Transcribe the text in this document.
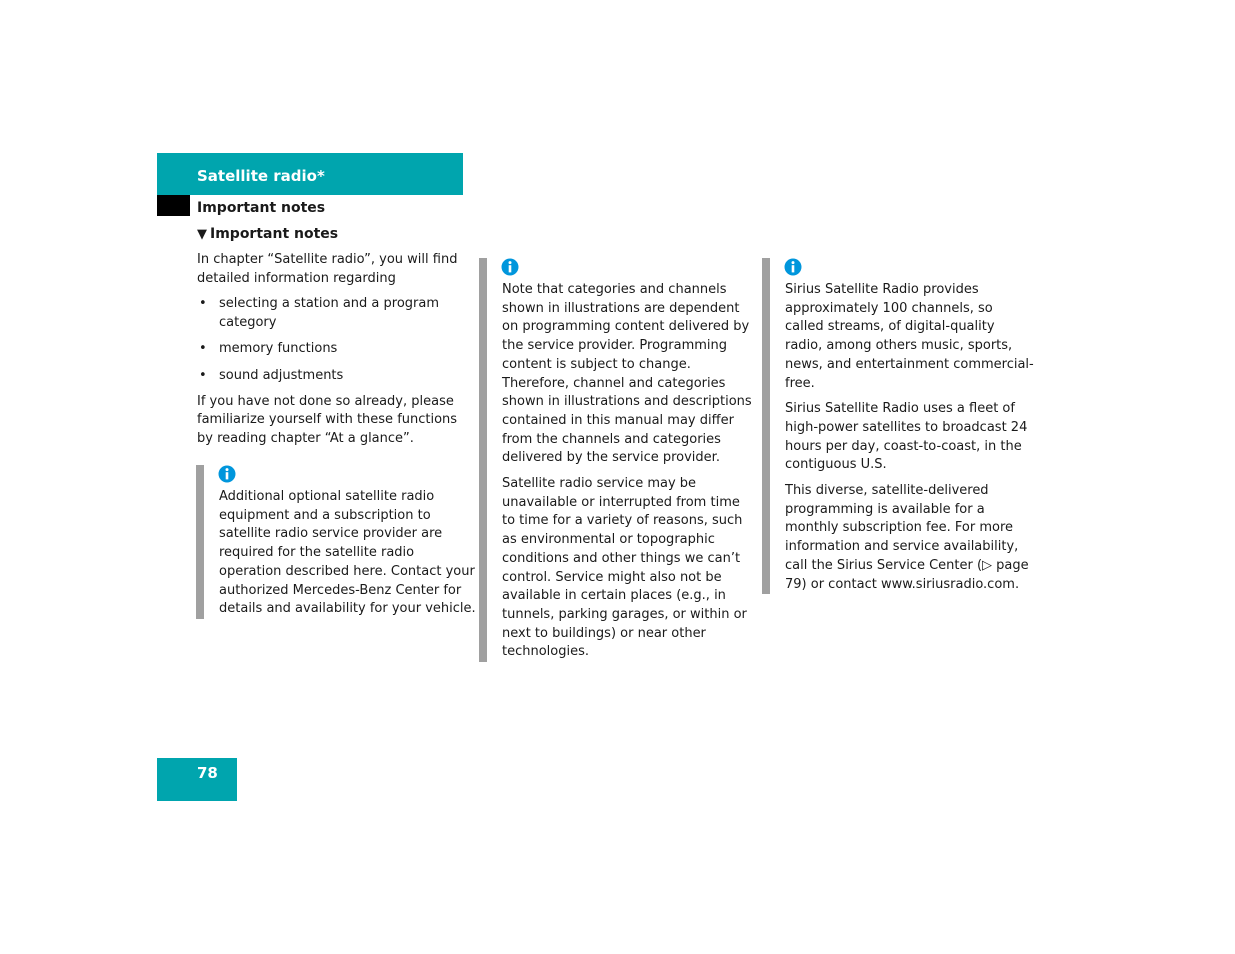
Satellite radio*
Important notes
▼ Important notes

In chapter “Satellite radio”, you will find detailed information regarding

• selecting a station and a program category
• memory functions
• sound adjustments

If you have not done so already, please familiarize yourself with these functions by reading chapter “At a glance”.

Additional optional satellite radio equipment and a subscription to satellite radio service provider are required for the satellite radio operation described here. Contact your authorized Mercedes-Benz Center for details and availability for your vehicle.

Note that categories and channels shown in illustrations are dependent on programming content delivered by the service provider. Programming content is subject to change. Therefore, channel and categories shown in illustrations and descriptions contained in this manual may differ from the channels and categories delivered by the service provider.

Satellite radio service may be unavailable or interrupted from time to time for a variety of reasons, such as environmental or topographic conditions and other things we can’t control. Service might also not be available in certain places (e.g., in tunnels, parking garages, or within or next to buildings) or near other technologies.

Sirius Satellite Radio provides approximately 100 channels, so called streams, of digital-quality radio, among others music, sports, news, and entertainment commercial-free.

Sirius Satellite Radio uses a fleet of high-power satellites to broadcast 24 hours per day, coast-to-coast, in the contiguous U.S.

This diverse, satellite-delivered programming is available for a monthly subscription fee. For more information and service availability, call the Sirius Service Center (▷ page 79) or contact www.siriusradio.com.

78
